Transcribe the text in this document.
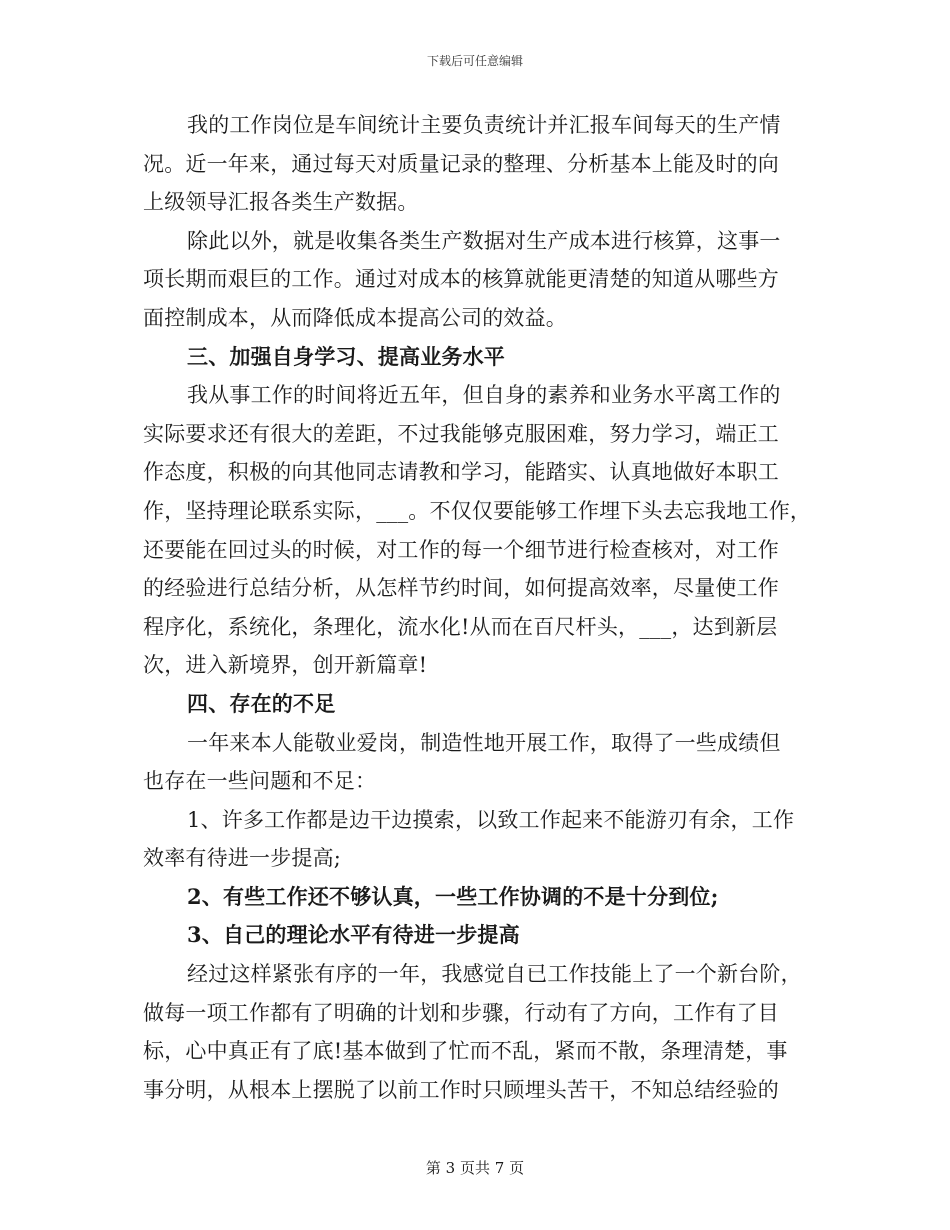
下载后可任意编辑
我的工作岗位是车间统计主要负责统计并汇报车间每天的生产情
况。近一年来，通过每天对质量记录的整理、分析基本上能及时的向
上级领导汇报各类生产数据。
除此以外，就是收集各类生产数据对生产成本进行核算，这事一
项长期而艰巨的工作。通过对成本的核算就能更清楚的知道从哪些方
面控制成本，从而降低成本提高公司的效益。
三、加强自身学习、提高业务水平
我从事工作的时间将近五年，但自身的素养和业务水平离工作的
实际要求还有很大的差距，不过我能够克服困难，努力学习，端正工
作态度，积极的向其他同志请教和学习，能踏实、认真地做好本职工
作，坚持理论联系实际，___。不仅仅要能够工作埋下头去忘我地工作，
还要能在回过头的时候，对工作的每一个细节进行检查核对，对工作
的经验进行总结分析，从怎样节约时间，如何提高效率，尽量使工作
程序化，系统化，条理化，流水化!从而在百尺杆头，___，达到新层
次，进入新境界，创开新篇章!
四、存在的不足
一年来本人能敬业爱岗，制造性地开展工作，取得了一些成绩但
也存在一些问题和不足：
1、许多工作都是边干边摸索，以致工作起来不能游刃有余，工作
效率有待进一步提高;
2、有些工作还不够认真，一些工作协调的不是十分到位;
3、自己的理论水平有待进一步提高
经过这样紧张有序的一年，我感觉自已工作技能上了一个新台阶，
做每一项工作都有了明确的计划和步骤，行动有了方向，工作有了目
标，心中真正有了底!基本做到了忙而不乱，紧而不散，条理清楚，事
事分明，从根本上摆脱了以前工作时只顾埋头苦干，不知总结经验的
第 3 页共 7 页
